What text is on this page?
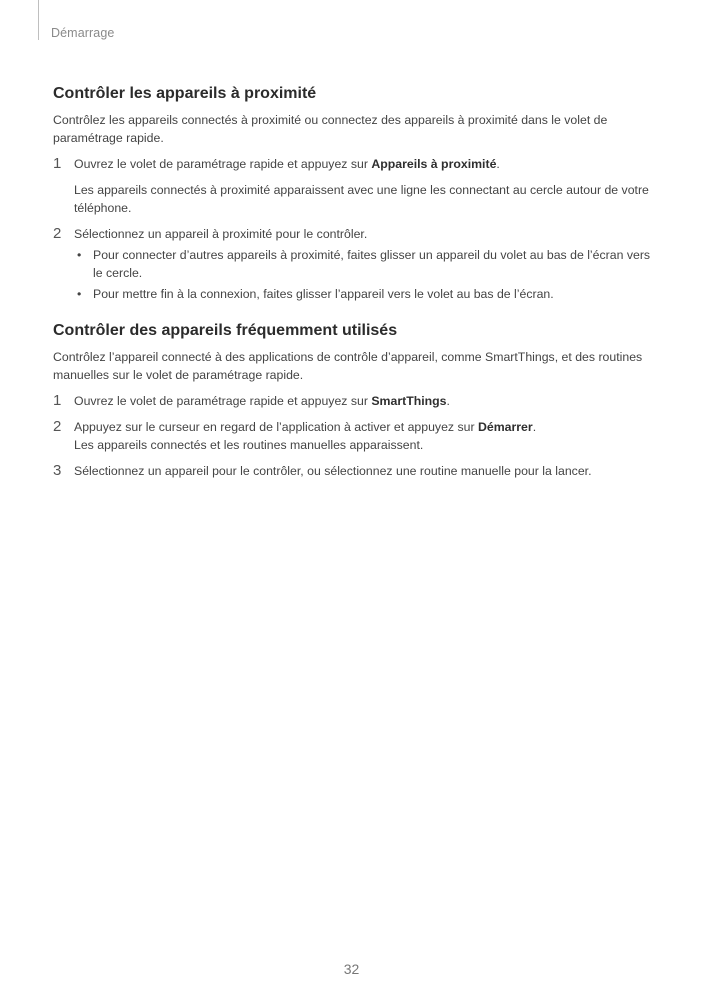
Démarrage
Contrôler les appareils à proximité

Contrôlez les appareils connectés à proximité ou connectez des appareils à proximité dans le volet de paramétrage rapide.

1 Ouvrez le volet de paramétrage rapide et appuyez sur Appareils à proximité.
Les appareils connectés à proximité apparaissent avec une ligne les connectant au cercle autour de votre téléphone.
2 Sélectionnez un appareil à proximité pour le contrôler.
• Pour connecter d’autres appareils à proximité, faites glisser un appareil du volet au bas de l’écran vers le cercle.
• Pour mettre fin à la connexion, faites glisser l’appareil vers le volet au bas de l’écran.
Contrôler des appareils fréquemment utilisés

Contrôlez l’appareil connecté à des applications de contrôle d’appareil, comme SmartThings, et des routines manuelles sur le volet de paramétrage rapide.

1 Ouvrez le volet de paramétrage rapide et appuyez sur SmartThings.
2 Appuyez sur le curseur en regard de l’application à activer et appuyez sur Démarrer.
Les appareils connectés et les routines manuelles apparaissent.
3 Sélectionnez un appareil pour le contrôler, ou sélectionnez une routine manuelle pour la lancer.
32
